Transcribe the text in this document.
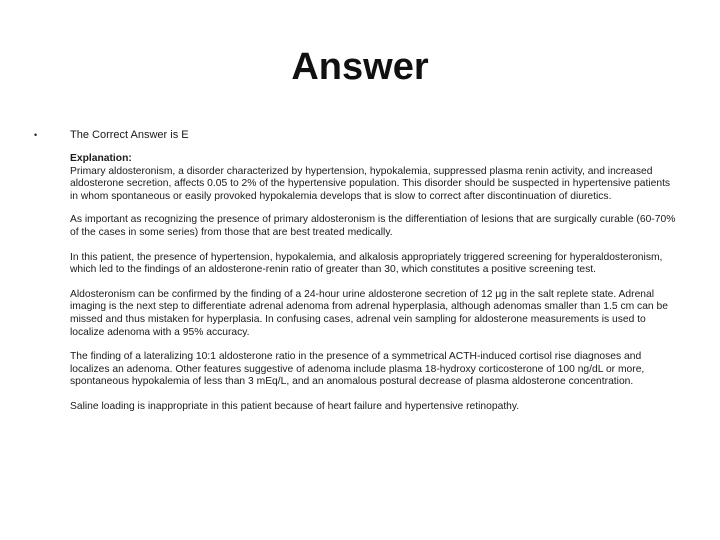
Answer
•	The Correct Answer is E

Explanation:
Primary aldosteronism, a disorder characterized by hypertension, hypokalemia, suppressed plasma renin activity, and increased aldosterone secretion, affects 0.05 to 2% of the hypertensive population. This disorder should be suspected in hypertensive patients in whom spontaneous or easily provoked hypokalemia develops that is slow to correct after discontinuation of diuretics.

As important as recognizing the presence of primary aldosteronism is the differentiation of lesions that are surgically curable (60-70% of the cases in some series) from those that are best treated medically.

In this patient, the presence of hypertension, hypokalemia, and alkalosis appropriately triggered screening for hyperaldosteronism, which led to the findings of an aldosterone-renin ratio of greater than 30, which constitutes a positive screening test.

Aldosteronism can be confirmed by the finding of a 24-hour urine aldosterone secretion of 12 μg in the salt replete state. Adrenal imaging is the next step to differentiate adrenal adenoma from adrenal hyperplasia, although adenomas smaller than 1.5 cm can be missed and thus mistaken for hyperplasia. In confusing cases, adrenal vein sampling for aldosterone measurements is used to localize adenoma with a 95% accuracy.

The finding of a lateralizing 10:1 aldosterone ratio in the presence of a symmetrical ACTH-induced cortisol rise diagnoses and localizes an adenoma. Other features suggestive of adenoma include plasma 18-hydroxy corticosterone of 100 ng/dL or more, spontaneous hypokalemia of less than 3 mEq/L, and an anomalous postural decrease of plasma aldosterone concentration.

Saline loading is inappropriate in this patient because of heart failure and hypertensive retinopathy.
